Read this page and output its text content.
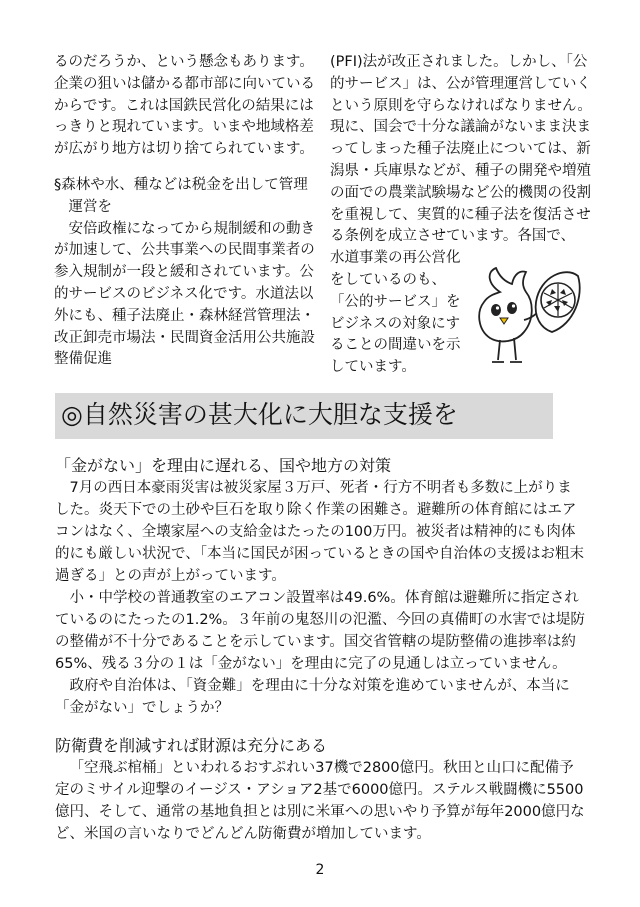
るのだろうか、という懸念もあります。企業の狙いは儲かる都市部に向いているからです。これは国鉄民営化の結果にはっきりと現れています。いまや地域格差が広がり地方は切り捨てられています。

§森林や水、種などは税金を出して管理運営を

安倍政権になってから規制緩和の動きが加速して、公共事業への民間事業者の参入規制が一段と緩和されています。公的サービスのビジネス化です。水道法以外にも、種子法廃止・森林経営管理法・改正卸売市場法・民間資金活用公共施設整備促進

(PFI)法が改正されました。しかし、「公的サービス」は、公が管理運営していくという原則を守らなければなりません。現に、国会で十分な議論がないまま決まってしまった種子法廃止については、新潟県・兵庫県などが、種子の開発や増殖の面での農業試験場など公的機関の役割を重視して、実質的に種子法を復活させる条例を成立させています。各国で、

水道事業の再公営化をしているのも、「公的サービス」をビジネスの対象にすることの間違いを示しています。

◎自然災害の甚大化に大胆な支援を

「金がない」を理由に遅れる、国や地方の対策

7月の西日本豪雨災害は被災家屋３万戸、死者・行方不明者も多数に上がりました。炎天下での土砂や巨石を取り除く作業の困難さ。避難所の体育館にはエアコンはなく、全壊家屋への支給金はたったの100万円。被災者は精神的にも肉体的にも厳しい状況で、「本当に国民が困っているときの国や自治体の支援はお粗末過ぎる」との声が上がっています。

小・中学校の普通教室のエアコン設置率は49.6%。体育館は避難所に指定されているのにたったの1.2%。３年前の鬼怒川の氾濫、今回の真備町の水害では堤防の整備が不十分であることを示しています。国交省管轄の堤防整備の進捗率は約65%、残る３分の１は「金がない」を理由に完了の見通しは立っていません。

政府や自治体は、「資金難」を理由に十分な対策を進めていませんが、本当に「金がない」でしょうか？

防衛費を削減すれば財源は充分にある

「空飛ぶ棺桶」といわれるおすぷれい37機で2800億円。秋田と山口に配備予定のミサイル迎撃のイージス・アショア2基で6000億円。ステルス戦闘機に5500億円、そして、通常の基地負担とは別に米軍への思いやり予算が毎年2000億円など、米国の言いなりでどんどん防衛費が増加しています。

2
